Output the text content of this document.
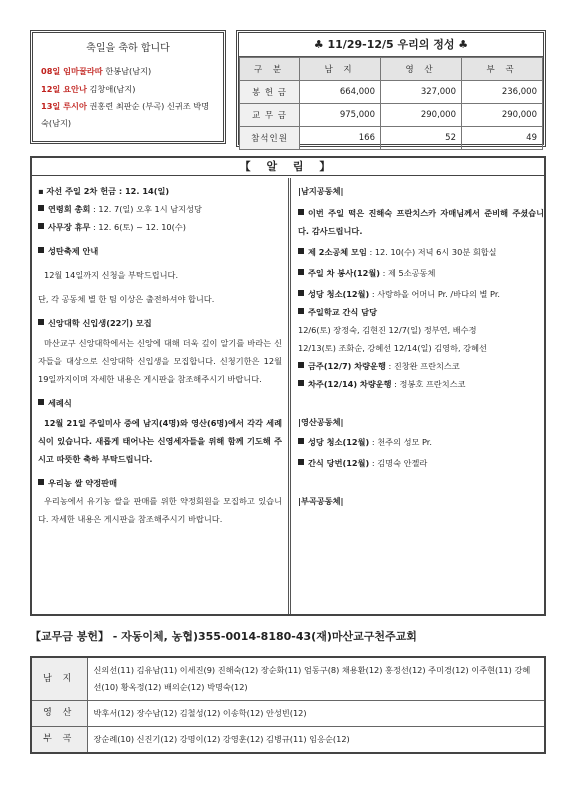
축일을 축하 합니다
08일 임마꿀라따 한봉남(남지)
12일 요안나 김창애(남지)
13일 루시아 권홍련 최판순 (부곡) 신귀조 박명숙(남지)
♣ 11/29-12/5 우리의 정성 ♣
구 분	남 지	영 산	부 곡
봉 헌 금	664,000	327,000	236,000
교 무 금	975,000	290,000	290,000
참석인원	166	52	49
【 알 림 】
▪ 자선 주일 2차 헌금 : 12. 14(일)
연령회 총회 : 12. 7(일) 오후 1시 남지성당
사무장 휴무 : 12. 6(토) ~ 12. 10(수)
성탄축제 안내
12월 14일까지 신청을 부탁드립니다.
단, 각 공동체 별 한 팀 이상은 출전하셔야 합니다.
신앙대학 신입생(22기) 모집
마산교구 신앙대학에서는 신앙에 대해 더욱 깊이 알기를 바라는 신자들을 대상으로 신앙대학 신입생을 모집합니다. 신청기한은 12월 19일까지이며 자세한 내용은 게시판을 참조해주시기 바랍니다.
세례식
12월 21일 주일미사 중에 남지(4명)와 영산(6명)에서 각각 세례식이 있습니다. 새롭게 태어나는 신영세자들을 위해 함께 기도해 주시고 따뜻한 축하 부탁드립니다.
우리농 쌀 약정판매
우리농에서 유기농 쌀을 판매를 위한 약정회원을 모집하고 있습니다. 자세한 내용은 게시판을 참조해주시기 바랍니다.
|남지공동체|
이번 주일 떡은 진해숙 프란치스카 자매님께서 준비해 주셨습니다. 감사드립니다.
제 2소공체 모임 : 12. 10(수) 저녁 6시 30분 회합실
주일 차 봉사(12월) : 제 5소공동체
성당 청소(12월) : 사랑하올 어머니 Pr. /바다의 별 Pr.
주일학교 간식 담당
12/6(토) 장정숙, 김현진 12/7(일) 정부연, 배수정
12/13(토) 조화순, 강혜선 12/14(일) 김영하, 강혜선
금주(12/7) 차량운행 : 진창완 프란치스코
차주(12/14) 차량운행 : 정봉호 프란치스코
|영산공동체|
성당 청소(12월) : 천주의 성모 Pr.
간식 당번(12월) : 김명숙 안젤라
|부곡공동체|
【교무금 봉헌】 - 자동이체, 농협)355-0014-8180-43(재)마산교구천주교회
남 지	신의선(11) 김유남(11) 이세진(9) 진해숙(12) 장순화(11) 엄동구(8) 채용환(12) 홍정선(12) 주미경(12) 이주현(11) 강혜선(10) 황옥정(12) 배의순(12) 박명숙(12)
영 산	박후서(12) 장수남(12) 김철성(12) 이송학(12) 안성빈(12)
부 곡	장순례(10) 신진기(12) 강명이(12) 강영훈(12) 김병규(11) 임응순(12)
